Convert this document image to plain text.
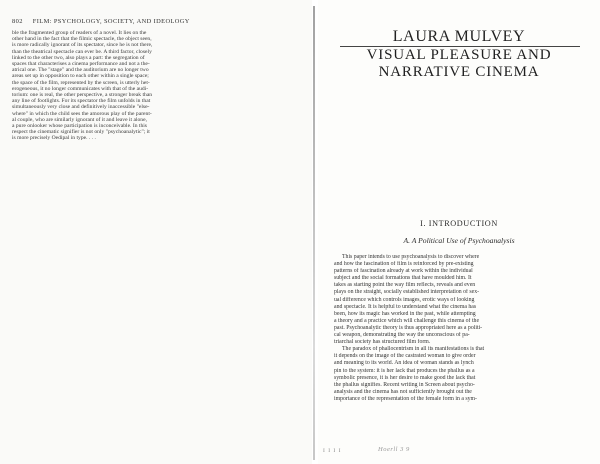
802 FILM: PSYCHOLOGY, SOCIETY, AND IDEOLOGY
ble the fragmented group of readers of a novel. It lies on the
other hand in the fact that the filmic spectacle, the object seen,
is more radically ignorant of its spectator, since he is not there,
than the theatrical spectacle can ever be. A third factor, closely
linked to the other two, also plays a part: the segregation of
spaces that characterises a cinema performance and not a the-
atrical one. The "stage" and the auditorium are no longer two
areas set up in opposition to each other within a single space;
the space of the film, represented by the screen, is utterly het-
erogeneous, it no longer communicates with that of the audi-
torium: one is real, the other perspective, a stronger break than
any line of footlights. For its spectator the film unfolds in that
simultaneously very close and definitively inaccessible "else-
where" in which the child sees the amorous play of the parent-
al couple, who are similarly ignorant of it and leave it alone,
a pure onlooker whose participation is inconceivable. In this
respect the cinematic signifier is not only "psychoanalytic"; it
is more precisely Oedipal in type. . . .
LAURA MULVEY
VISUAL PLEASURE AND
NARRATIVE CINEMA
I. INTRODUCTION
A. A Political Use of Psychoanalysis
This paper intends to use psychoanalysis to discover where
and how the fascination of film is reinforced by pre-existing
patterns of fascination already at work within the individual
subject and the social formations that have moulded him. It
takes as starting point the way film reflects, reveals and even
plays on the straight, socially established interpretation of sex-
ual difference which controls images, erotic ways of looking
and spectacle. It is helpful to understand what the cinema has
been, how its magic has worked in the past, while attempting
a theory and a practice which will challenge this cinema of the
past. Psychoanalytic theory is thus appropriated here as a politi-
cal weapon, demonstrating the way the unconscious of pa-
triarchal society has structured film form.
The paradox of phallocentrism in all its manifestations is that
it depends on the image of the castrated woman to give order
and meaning to its world. An idea of woman stands as lynch
pin to the system: it is her lack that produces the phallus as a
symbolic presence, it is her desire to make good the lack that
the phallus signifies. Recent writing in Screen about psycho-
analysis and the cinema has not sufficiently brought out the
importance of the representation of the female form in a sym-
I I I I	Hoerll 3 9
